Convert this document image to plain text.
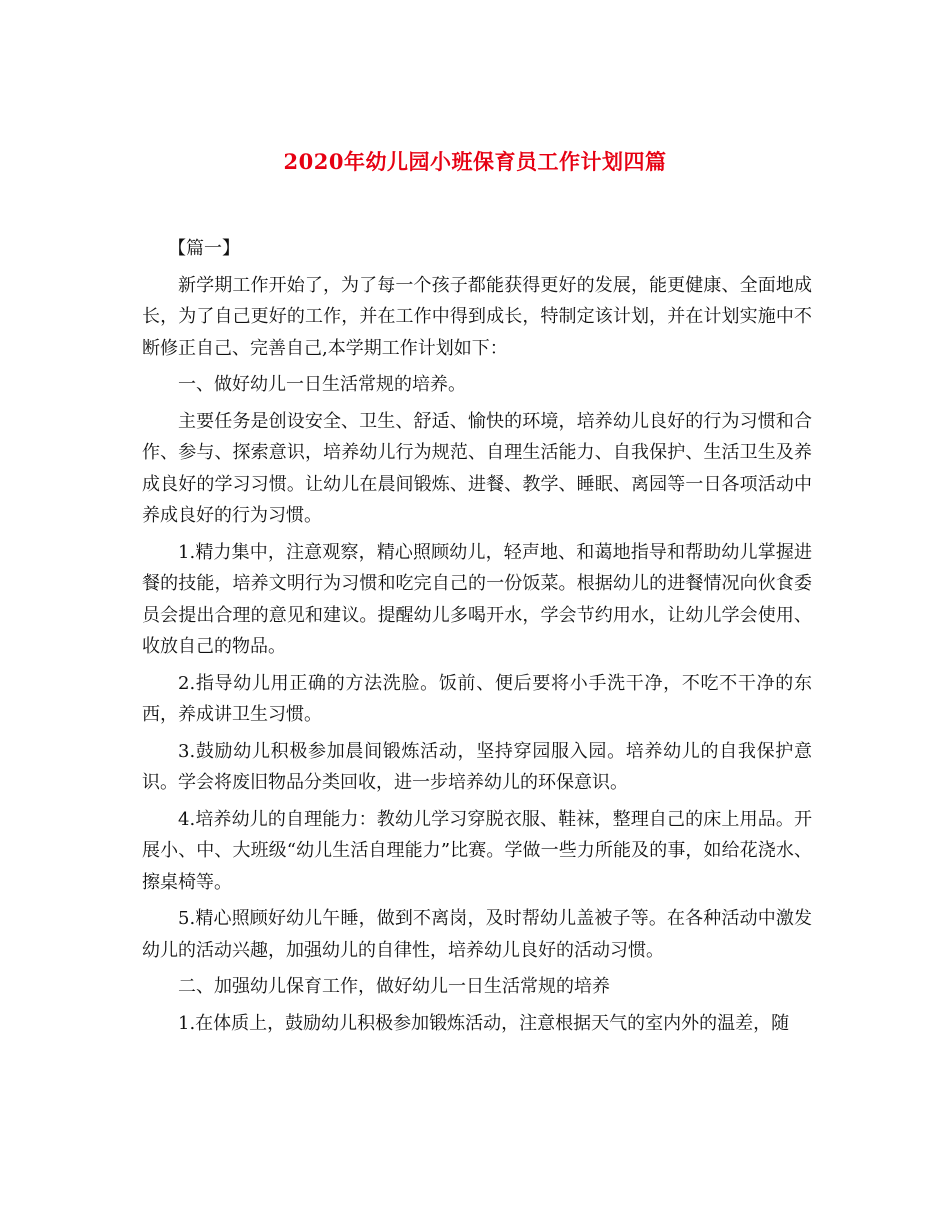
2020年幼儿园小班保育员工作计划四篇

【篇一】

新学期工作开始了，为了每一个孩子都能获得更好的发展，能更健康、全面地成长，为了自己更好的工作，并在工作中得到成长，特制定该计划，并在计划实施中不断修正自己、完善自己,本学期工作计划如下：

一、做好幼儿一日生活常规的培养。

主要任务是创设安全、卫生、舒适、愉快的环境，培养幼儿良好的行为习惯和合作、参与、探索意识，培养幼儿行为规范、自理生活能力、自我保护、生活卫生及养成良好的学习习惯。让幼儿在晨间锻炼、进餐、教学、睡眠、离园等一日各项活动中养成良好的行为习惯。

1.精力集中，注意观察，精心照顾幼儿，轻声地、和蔼地指导和帮助幼儿掌握进餐的技能，培养文明行为习惯和吃完自己的一份饭菜。根据幼儿的进餐情况向伙食委员会提出合理的意见和建议。提醒幼儿多喝开水，学会节约用水，让幼儿学会使用、收放自己的物品。

2.指导幼儿用正确的方法洗脸。饭前、便后要将小手洗干净，不吃不干净的东西，养成讲卫生习惯。

3.鼓励幼儿积极参加晨间锻炼活动，坚持穿园服入园。培养幼儿的自我保护意识。学会将废旧物品分类回收，进一步培养幼儿的环保意识。

4.培养幼儿的自理能力：教幼儿学习穿脱衣服、鞋袜，整理自己的床上用品。开展小、中、大班级“幼儿生活自理能力”比赛。学做一些力所能及的事，如给花浇水、擦桌椅等。

5.精心照顾好幼儿午睡，做到不离岗，及时帮幼儿盖被子等。在各种活动中激发幼儿的活动兴趣，加强幼儿的自律性，培养幼儿良好的活动习惯。

二、加强幼儿保育工作，做好幼儿一日生活常规的培养

1.在体质上，鼓励幼儿积极参加锻炼活动，注意根据天气的室内外的温差，随
